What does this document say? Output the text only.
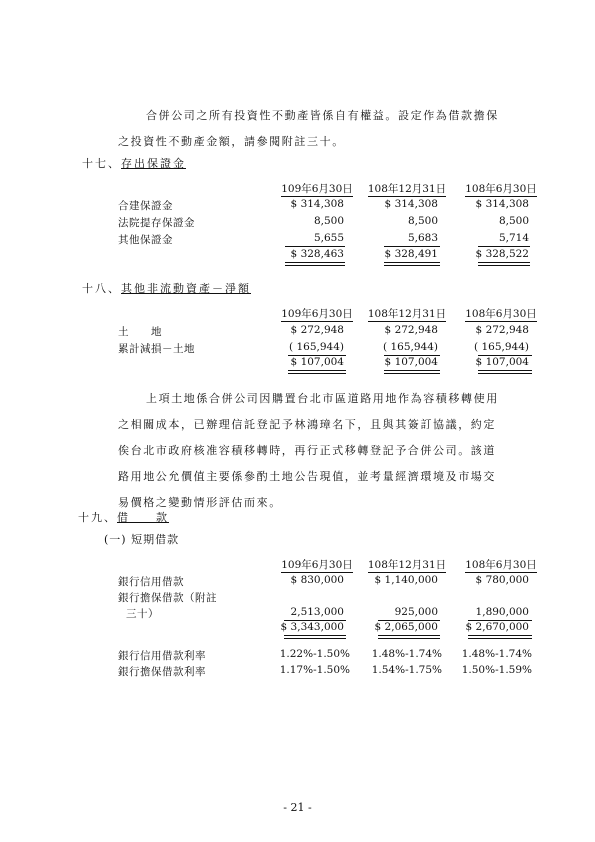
合併公司之所有投資性不動產皆係自有權益。設定作為借款擔保
之投資性不動產金額，請參閱附註三十。
十七、存出保證金
109年6月30日	108年12月31日	108年6月30日
合建保證金	$ 314,308	$ 314,308	$ 314,308
法院提存保證金	8,500	8,500	8,500
其他保證金	5,655	5,683	5,714
$ 328,463	$ 328,491	$ 328,522
十八、其他非流動資產－淨額
109年6月30日	108年12月31日	108年6月30日
土　　地	$ 272,948	$ 272,948	$ 272,948
累計減損－土地	( 165,944)	( 165,944)	( 165,944)
$ 107,004	$ 107,004	$ 107,004
上項土地係合併公司因購置台北市區道路用地作為容積移轉使用
之相關成本，已辦理信託登記予林鴻璋名下，且與其簽訂協議，約定
俟台北市政府核准容積移轉時，再行正式移轉登記予合併公司。該道
路用地公允價值主要係參酌土地公告現值，並考量經濟環境及市場交
易價格之變動情形評估而來。
十九、借　　款
(一) 短期借款
109年6月30日	108年12月31日	108年6月30日
銀行信用借款	$ 830,000	$ 1,140,000	$ 780,000
銀行擔保借款（附註
三十）	2,513,000	925,000	1,890,000
$ 3,343,000	$ 2,065,000	$ 2,670,000
銀行信用借款利率	1.22%-1.50%	1.48%-1.74%	1.48%-1.74%
銀行擔保借款利率	1.17%-1.50%	1.54%-1.75%	1.50%-1.59%
- 21 -
